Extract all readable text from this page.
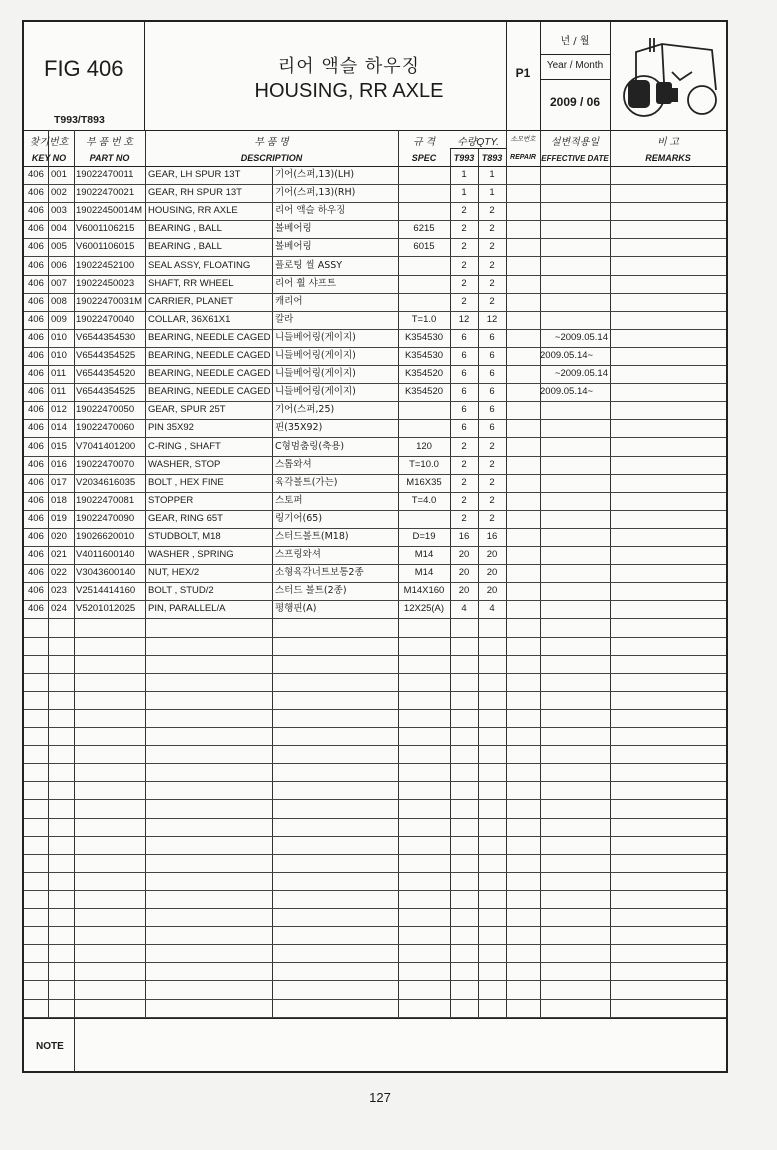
FIG 406
T993/T893
리어 액슬 하우징
HOUSING, RR AXLE
P1
년 / 월
Year / Month
2009 / 06
찾기번호
KEY NO
부 품 번 호
PART NO
부 품 명
DESCRIPTION
규 격
SPEC
수량QTY.
T993 T893
소모번호
REPAIR
설변적용일
EFFECTIVE DATE
비 고
REMARKS
406 001 19022470011	GEAR, LH SPUR 13T	기어(스퍼,13)(LH)	1	1
406 002 19022470021	GEAR, RH SPUR 13T	기어(스퍼,13)(RH)	1	1
406 003 19022450014M HOUSING, RR AXLE	리어 액슬 하우징	2	2
406 004 V6001106215	BEARING , BALL	볼베어링	6215	2	2
406 005 V6001106015	BEARING , BALL	볼베어링	6015	2	2
406 006 19022452100	SEAL ASSY, FLOATING	플로팅 씰 ASSY	2	2
406 007 19022450023	SHAFT, RR WHEEL	리어 휠 샤프트	2	2
406 008 19022470031M CARRIER, PLANET	캐리어	2	2
406 009 19022470040	COLLAR, 36X61X1	칼라	T=1.0	12	12
406 010 V6544354530	BEARING, NEEDLE CAGED 니들베어링(게이지)	K354530	6	6	~2009.05.14
406 010 V6544354525	BEARING, NEEDLE CAGED 니들베어링(게이지)	K354530	6	6	2009.05.14~
406 011	V6544354520	BEARING, NEEDLE CAGED 니들베어링(게이지)	K354520	6	6	~2009.05.14
406 011	V6544354525	BEARING, NEEDLE CAGED 니들베어링(게이지)	K354520	6	6	2009.05.14~
406 012 19022470050	GEAR, SPUR 25T	기어(스퍼,25)	6	6
406 014 19022470060	PIN 35X92	핀(35X92)	6	6
406 015 V7041401200	C-RING , SHAFT	C형멈춤링(축용)	120	2	2
406 016 19022470070	WASHER, STOP	스톱와셔	T=10.0	2	2
406 017 V2034616035	BOLT , HEX FINE	육각볼트(가는)	M16X35	2	2
406 018 19022470081	STOPPER	스토퍼	T=4.0	2	2
406 019 19022470090	GEAR, RING 65T	링기어(65)	2	2
406 020 19026620010	STUDBOLT, M18	스터드볼트(M18)	D=19	16	16
406 021 V4011600140	WASHER , SPRING	스프링와셔	M14	20	20
406 022 V3043600140	NUT, HEX/2	소형육각너트보통2종	M14	20	20
406 023 V2514414160	BOLT , STUD/2	스터드 볼트(2종)	M14X160	20	20
406 024 V5201012025	PIN, PARALLEL/A	평행핀(A)	12X25(A)	4	4
NOTE
127
